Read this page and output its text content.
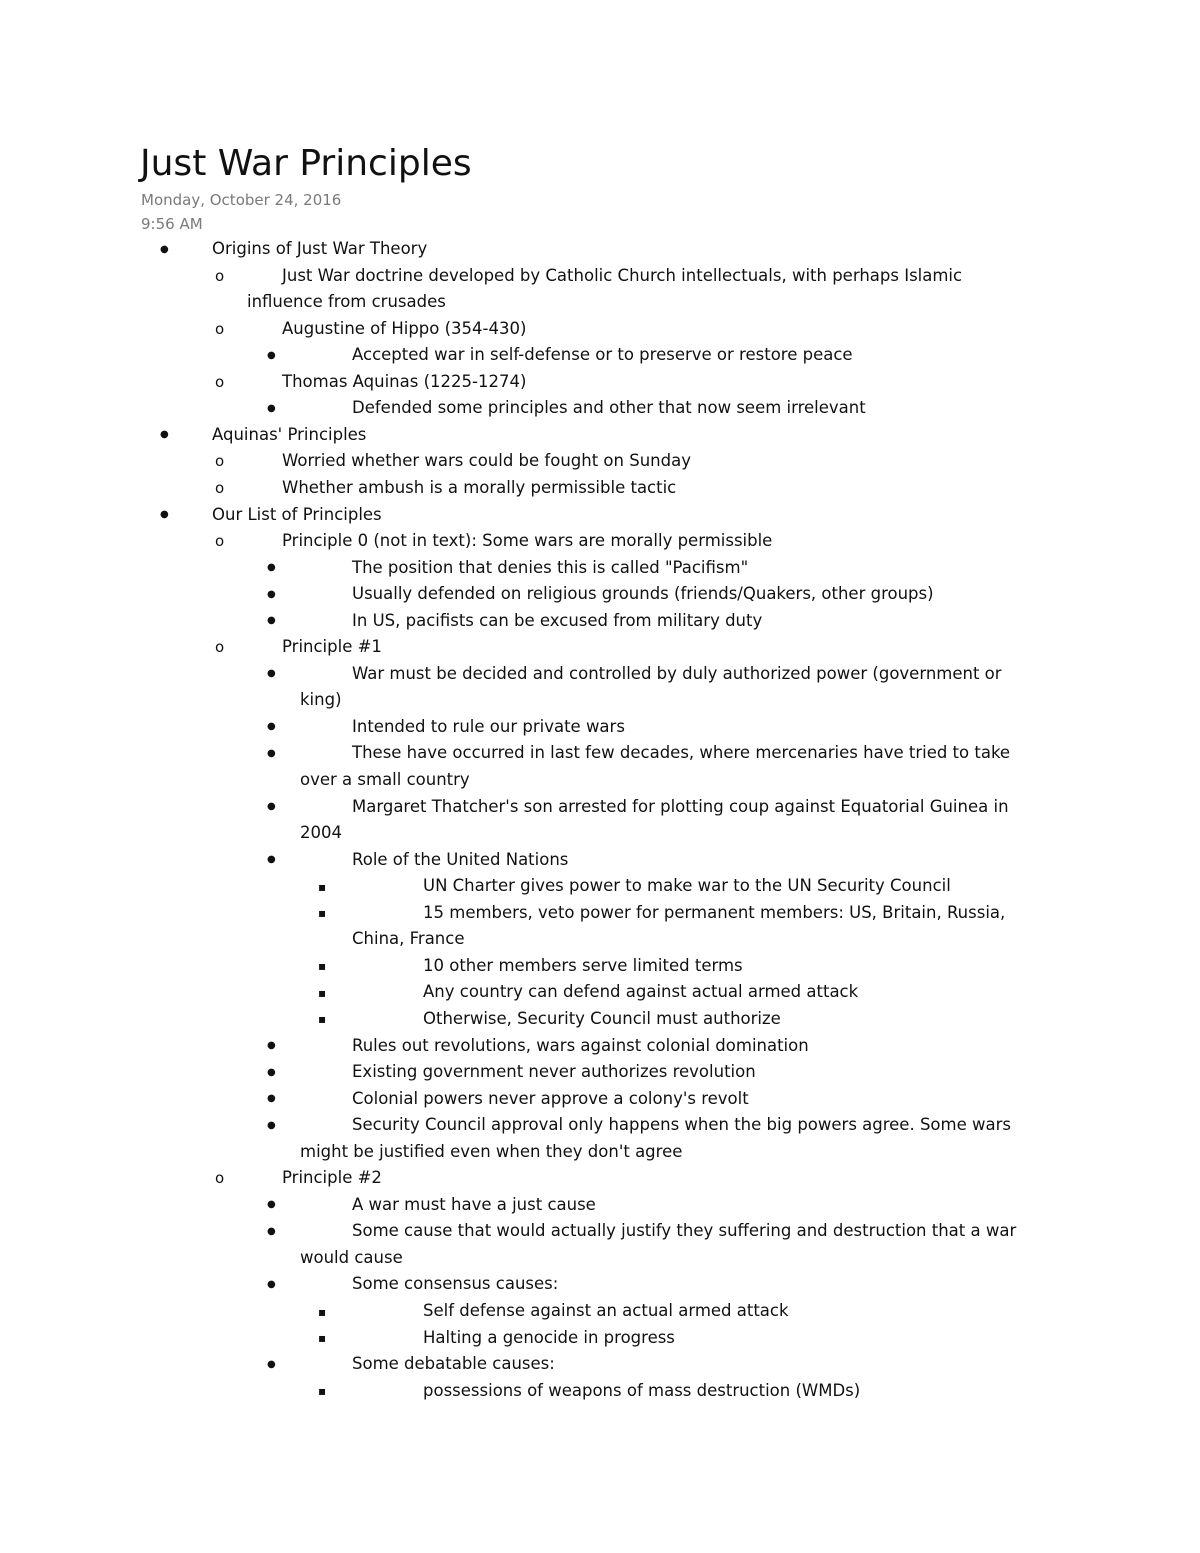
Just War Principles
Monday, October 24, 2016
9:56 AM
●
Origins of Just War Theory
o
Just War doctrine developed by Catholic Church intellectuals, with perhaps Islamic
influence from crusades
o
Augustine of Hippo (354-430)
●
Accepted war in self-defense or to preserve or restore peace
o
Thomas Aquinas (1225-1274)
●
Defended some principles and other that now seem irrelevant
●
Aquinas' Principles
o
Worried whether wars could be fought on Sunday
o
Whether ambush is a morally permissible tactic
●
Our List of Principles
o
Principle 0 (not in text): Some wars are morally permissible
●
The position that denies this is called "Pacifism"
●
Usually defended on religious grounds (friends/Quakers, other groups)
●
In US, pacifists can be excused from military duty
o
Principle #1
●
War must be decided and controlled by duly authorized power (government or
king)
●
Intended to rule our private wars
●
These have occurred in last few decades, where mercenaries have tried to take
over a small country
●
Margaret Thatcher's son arrested for plotting coup against Equatorial Guinea in
2004
●
Role of the United Nations
▪
UN Charter gives power to make war to the UN Security Council
▪
15 members, veto power for permanent members: US, Britain, Russia,
China, France
▪
10 other members serve limited terms
▪
Any country can defend against actual armed attack
▪
Otherwise, Security Council must authorize
●
Rules out revolutions, wars against colonial domination
●
Existing government never authorizes revolution
●
Colonial powers never approve a colony's revolt
●
Security Council approval only happens when the big powers agree. Some wars
might be justified even when they don't agree
o
Principle #2
●
A war must have a just cause
●
Some cause that would actually justify they suffering and destruction that a war
would cause
●
Some consensus causes:
▪
Self defense against an actual armed attack
▪
Halting a genocide in progress
●
Some debatable causes:
▪
possessions of weapons of mass destruction (WMDs)
